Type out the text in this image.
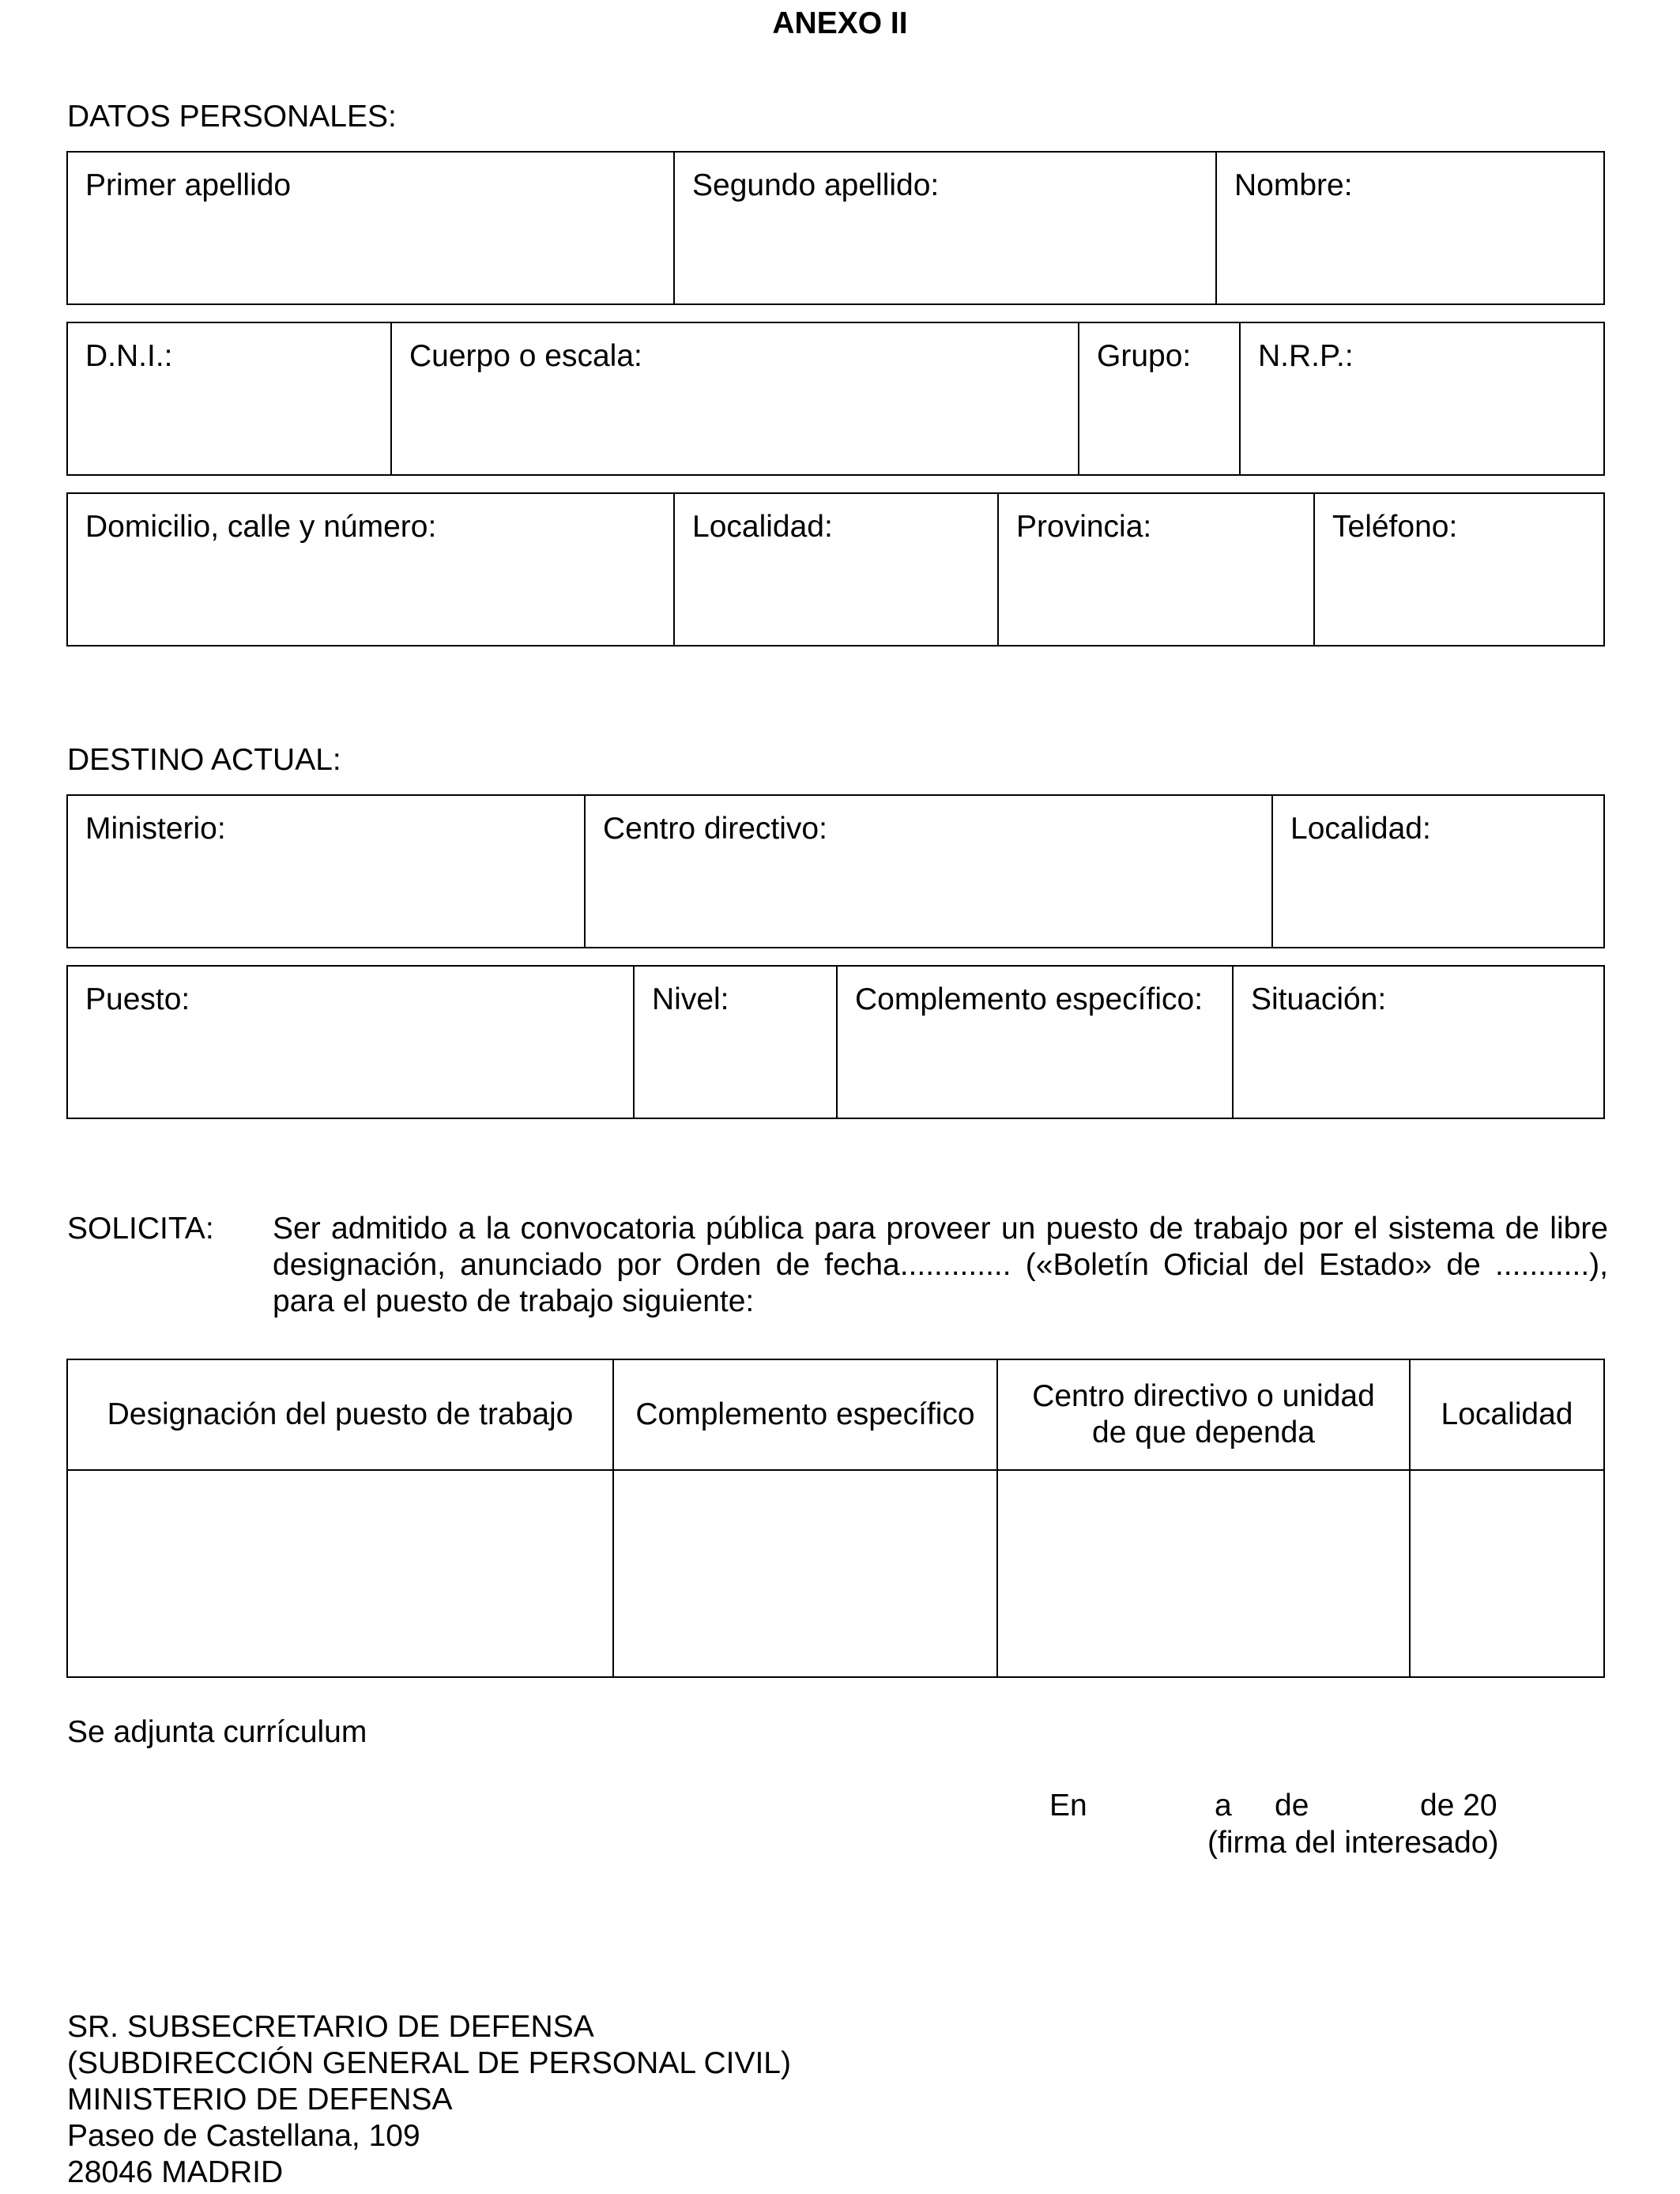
ANEXO II
DATOS PERSONALES:
Primer apellido	Segundo apellido:	Nombre:
D.N.I.:	Cuerpo o escala:	Grupo:	N.R.P.:
Domicilio, calle y número:	Localidad:	Provincia:	Teléfono:
DESTINO ACTUAL:
Ministerio:	Centro directivo:	Localidad:
Puesto:	Nivel:	Complemento específico:	Situación:
SOLICITA: Ser admitido a la convocatoria pública para proveer un puesto de trabajo por el sistema de libre designación, anunciado por Orden de fecha............. («Boletín Oficial del Estado» de ...........), para el puesto de trabajo siguiente:
Designación del puesto de trabajo	Complemento específico	Centro directivo o unidad de que dependa	Localidad

Se adjunta currículum
En	a de	de 20
(firma del interesado)
SR. SUBSECRETARIO DE DEFENSA
(SUBDIRECCIÓN GENERAL DE PERSONAL CIVIL)
MINISTERIO DE DEFENSA
Paseo de Castellana, 109
28046 MADRID
